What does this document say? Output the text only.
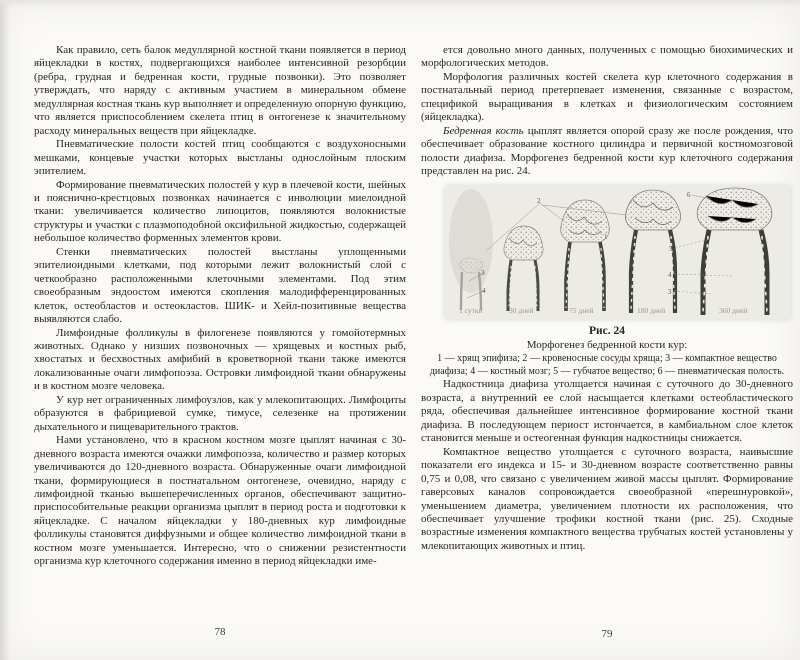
Как правило, сеть балок медуллярной костной ткани появляется в период яйцекладки в костях, подвергающихся наиболее интенсивной резорбции (ребра, грудная и бедренная кости, грудные позвонки). Это позволяет утверждать, что наряду с активным участием в минеральном обмене медуллярная костная ткань кур выполняет и определенную опорную функцию, что является приспособлением скелета птиц в онтогенезе к значительному расходу минеральных веществ при яйцекладке.

Пневматические полости костей птиц сообщаются с воздухоносными мешками, концевые участки которых выстланы однослойным плоским эпителием.

Формирование пневматических полостей у кур в плечевой кости, шейных и пояснично-крестцовых позвонках начинается с инволюции миелоидной ткани: увеличивается количество липоцитов, появляются волокнистые структуры и участки с плазмоподобной оксифильной жидкостью, содержащей небольшое количество форменных элементов крови.

Стенки пневматических полостей выстланы уплощенными эпителиоидными клетками, под которыми лежит волокнистый слой с четкообразно расположенными клеточными элементами. Под этим своеобразным эндоостом имеются скопления малодифференцированных клеток, остеобластов и остеокластов. ШИК- и Хейл-позитивные вещества выявляются слабо.

Лимфоидные фолликулы в филогенезе появляются у гомойотермных животных. Однако у низших позвоночных — хрящевых и костных рыб, хвостатых и бесхвостных амфибий в кроветворной ткани также имеются локализованные очаги лимфопоэза. Островки лимфоидной ткани обнаружены и в костном мозге человека.

У кур нет ограниченных лимфоузлов, как у млекопитающих. Лимфоциты образуются в фабрициевой сумке, тимусе, селезенке на протяжении дыхательного и пищеварительного трактов.

Нами установлено, что в красном костном мозге цыплят начиная с 30-дневного возраста имеются очажки лимфопоэза, количество и размер которых увеличиваются до 120-дневного возраста. Обнаруженные очаги лимфоидной ткани, формирующиеся в постнатальном онтогенезе, очевидно, наряду с лимфоидной тканью вышеперечисленных органов, обеспечивают защитно-приспособительные реакции организма цыплят в период роста и подготовки к яйцекладке. С началом яйцекладки у 180-дневных кур лимфоидные фолликулы становятся диффузными и общее количество лимфоидной ткани в костном мозге уменьшается. Интересно, что о снижении резистентности организма кур клеточного содержания именно в период яйцекладки име-

78

ется довольно много данных, полученных с помощью биохимических и морфологических методов.

Морфология различных костей скелета кур клеточного содержания в постнатальный период претерпевает изменения, связанные с возрастом, спецификой выращивания в клетках и физиологическим состоянием (яйцекладка).

Бедренная кость цыплят является опорой сразу же после рождения, что обеспечивает образование костного цилиндра и первичной костномозговой полости диафиза. Морфогенез бедренной кости кур клеточного содержания представлен на рис. 24.

2
1
3
4
6
5
4
3
1 сутки	30 дней	75 дней	180 дней	360 дней
Рис. 24
Морфогенез бедренной кости кур:
1 — хрящ эпифиза; 2 — кровеносные сосуды хряща; 3 — компактное вещество диафиза; 4 — костный мозг; 5 — губчатое вещество; 6 — пневматическая полость.

Надкостница диафиза утолщается начиная с суточного до 30-дневного возраста, а внутренний ее слой насыщается клетками остеобластического ряда, обеспечивая дальнейшее интенсивное формирование костной ткани диафиза. В последующем периост истончается, в камбиальном слое клеток становится меньше и остеогенная функция надкостницы снижается.

Компактное вещество утолщается с суточного возраста, наивысшие показатели его индекса и 15- и 30-дневном возрасте соответственно равны 0,75 и 0,08, что связано с увеличением живой массы цыплят. Формирование гаверсовых каналов сопровождается своеобразной «перешнуровкой», уменьшением диаметра, увеличением плотности их расположения, что обеспечивает улучшение трофики костной ткани (рис. 25). Сходные возрастные изменения компактного вещества трубчатых костей установлены у млекопитающих животных и птиц.

79
